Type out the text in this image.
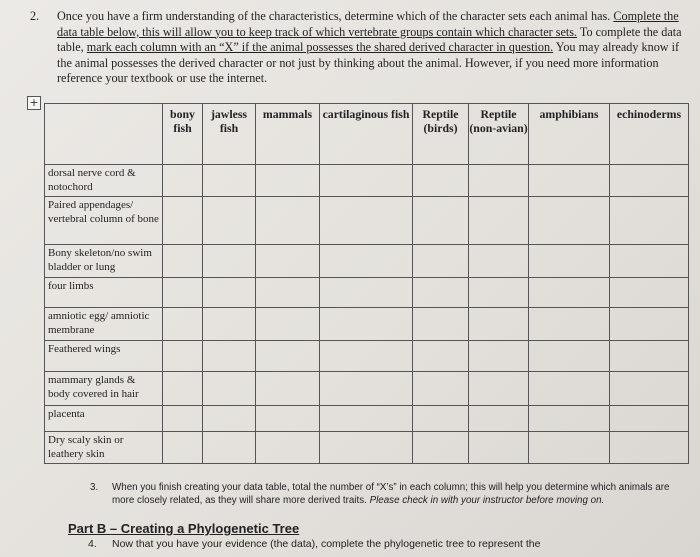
2. Once you have a firm understanding of the characteristics, determine which of the character sets each animal has. Complete the data table below, this will allow you to keep track of which vertebrate groups contain which character sets. To complete the data table, mark each column with an “X” if the animal possesses the shared derived character in question. You may already know if the animal possesses the derived character or not just by thinking about the animal. However, if you need more information reference your textbook or use the internet.
+
	bony fish	jawless fish	mammals	cartilaginous fish	Reptile (birds)	Reptile (non-avian)	amphibians	echinoderms
dorsal nerve cord & notochord								
Paired appendages/ vertebral column of bone								
Bony skeleton/no swim bladder or lung								
four limbs								
amniotic egg/ amniotic membrane								
Feathered wings								
mammary glands & body covered in hair								
placenta								
Dry scaly skin or leathery skin								
3. When you finish creating your data table, total the number of “X’s” in each column; this will help you determine which animals are more closely related, as they will share more derived traits. Please check in with your instructor before moving on.
Part B – Creating a Phylogenetic Tree
4. Now that you have your evidence (the data), complete the phylogenetic tree to represent the
